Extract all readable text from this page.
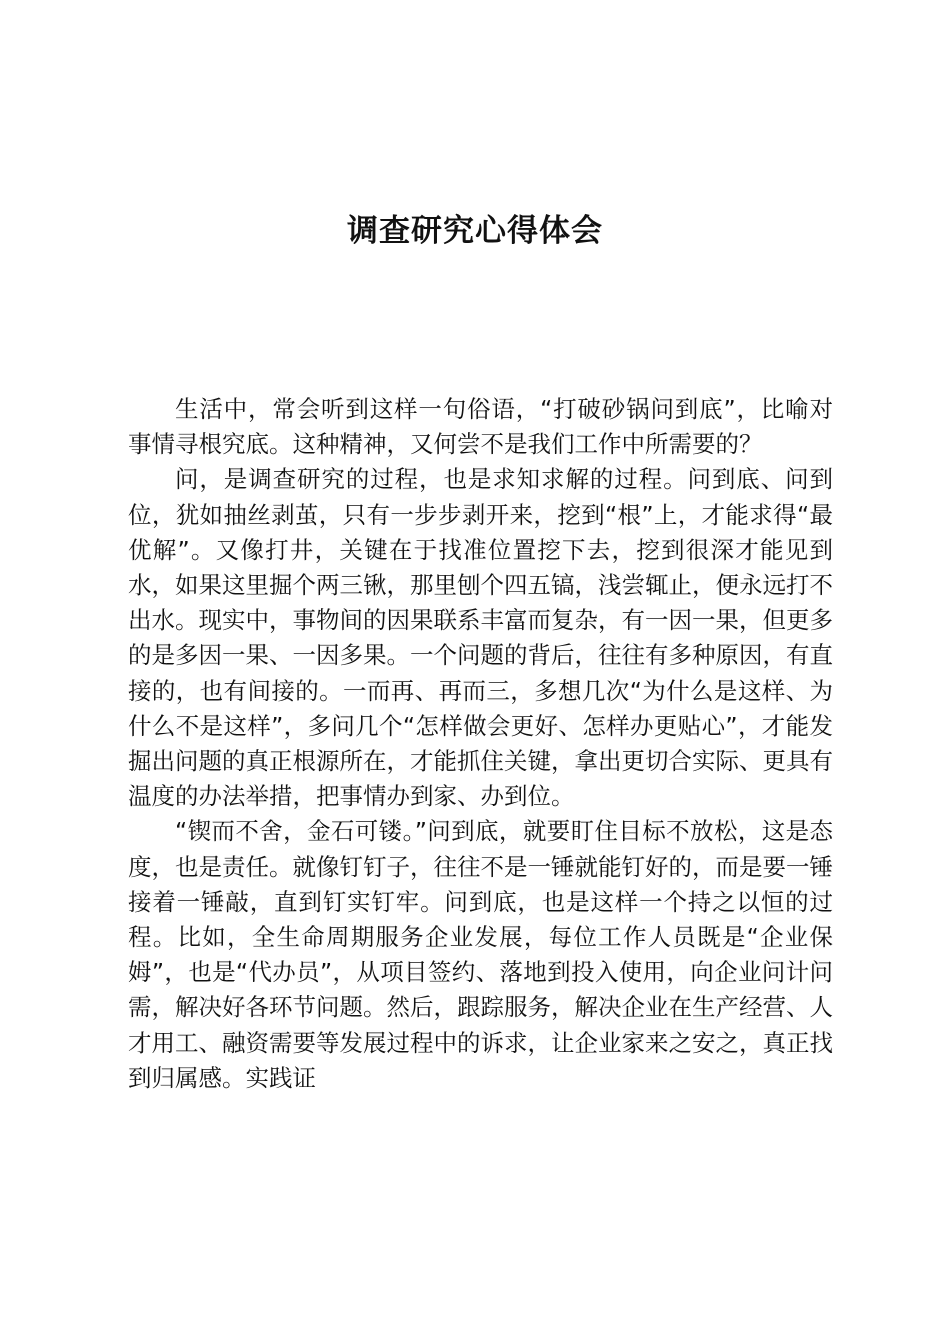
调查研究心得体会

生活中，常会听到这样一句俗语，“打破砂锅问到底”，比喻对事情寻根究底。这种精神，又何尝不是我们工作中所需要的？

问，是调查研究的过程，也是求知求解的过程。问到底、问到位，犹如抽丝剥茧，只有一步步剥开来，挖到“根”上，才能求得“最优解”。又像打井，关键在于找准位置挖下去，挖到很深才能见到水，如果这里掘个两三锹，那里刨个四五镐，浅尝辄止，便永远打不出水。现实中，事物间的因果联系丰富而复杂，有一因一果，但更多的是多因一果、一因多果。一个问题的背后，往往有多种原因，有直接的，也有间接的。一而再、再而三，多想几次“为什么是这样、为什么不是这样”，多问几个“怎样做会更好、怎样办更贴心”，才能发掘出问题的真正根源所在，才能抓住关键，拿出更切合实际、更具有温度的办法举措，把事情办到家、办到位。

“锲而不舍，金石可镂。”问到底，就要盯住目标不放松，这是态度，也是责任。就像钉钉子，往往不是一锤就能钉好的，而是要一锤接着一锤敲，直到钉实钉牢。问到底，也是这样一个持之以恒的过程。比如，全生命周期服务企业发展，每位工作人员既是“企业保姆”，也是“代办员”，从项目签约、落地到投入使用，向企业问计问需，解决好各环节问题。然后，跟踪服务，解决企业在生产经营、人才用工、融资需要等发展过程中的诉求，让企业家来之安之，真正找到归属感。实践证
